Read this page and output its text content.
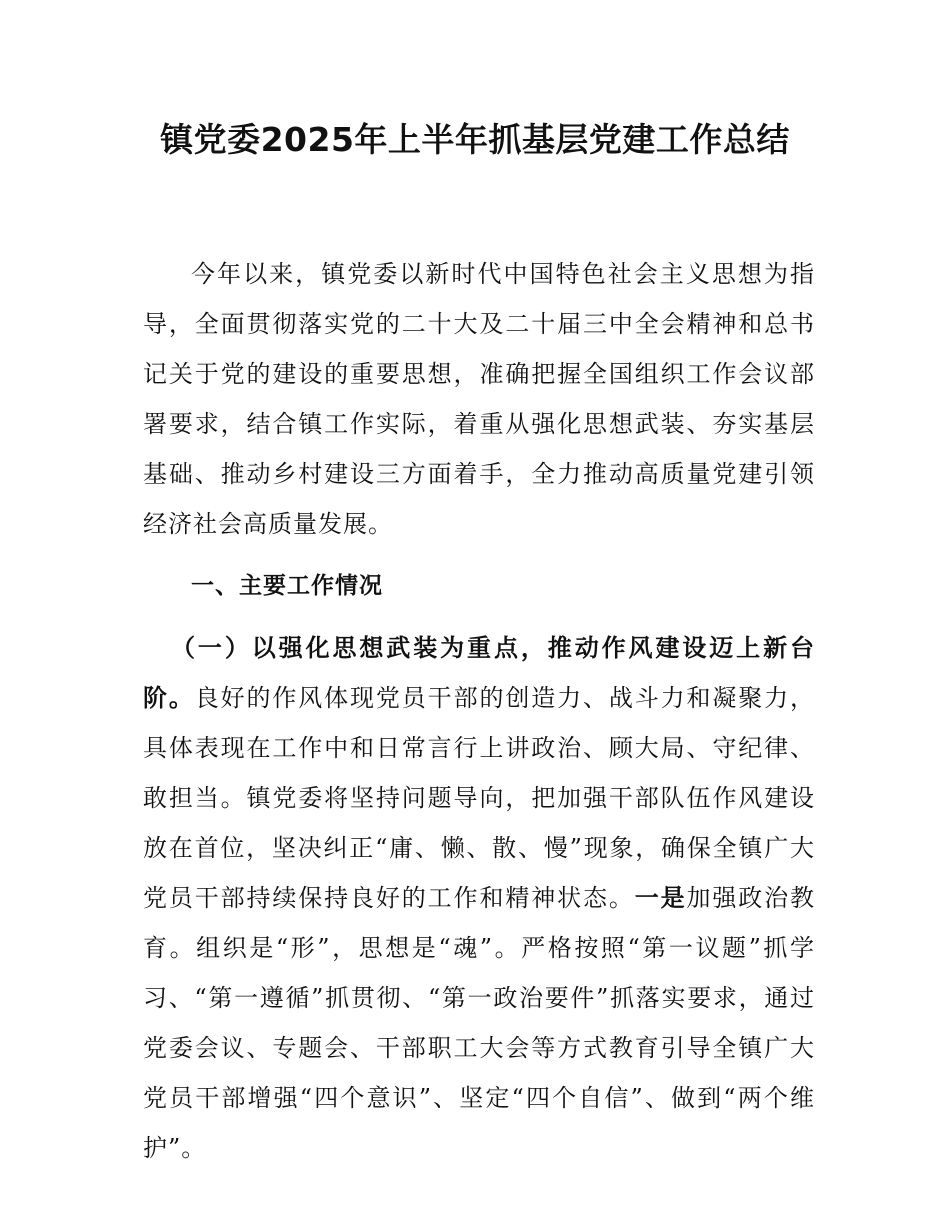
镇党委2025年上半年抓基层党建工作总结

今年以来，镇党委以新时代中国特色社会主义思想为指导，全面贯彻落实党的二十大及二十届三中全会精神和总书记关于党的建设的重要思想，准确把握全国组织工作会议部署要求，结合镇工作实际，着重从强化思想武装、夯实基层基础、推动乡村建设三方面着手，全力推动高质量党建引领经济社会高质量发展。

一、主要工作情况

（一）以强化思想武装为重点，推动作风建设迈上新台阶。良好的作风体现党员干部的创造力、战斗力和凝聚力，具体表现在工作中和日常言行上讲政治、顾大局、守纪律、敢担当。镇党委将坚持问题导向，把加强干部队伍作风建设放在首位，坚决纠正“庸、懒、散、慢”现象，确保全镇广大党员干部持续保持良好的工作和精神状态。一是加强政治教育。组织是“形”，思想是“魂”。严格按照“第一议题”抓学习、“第一遵循”抓贯彻、“第一政治要件”抓落实要求，通过党委会议、专题会、干部职工大会等方式教育引导全镇广大党员干部增强“四个意识”、坚定“四个自信”、做到“两个维护”。
